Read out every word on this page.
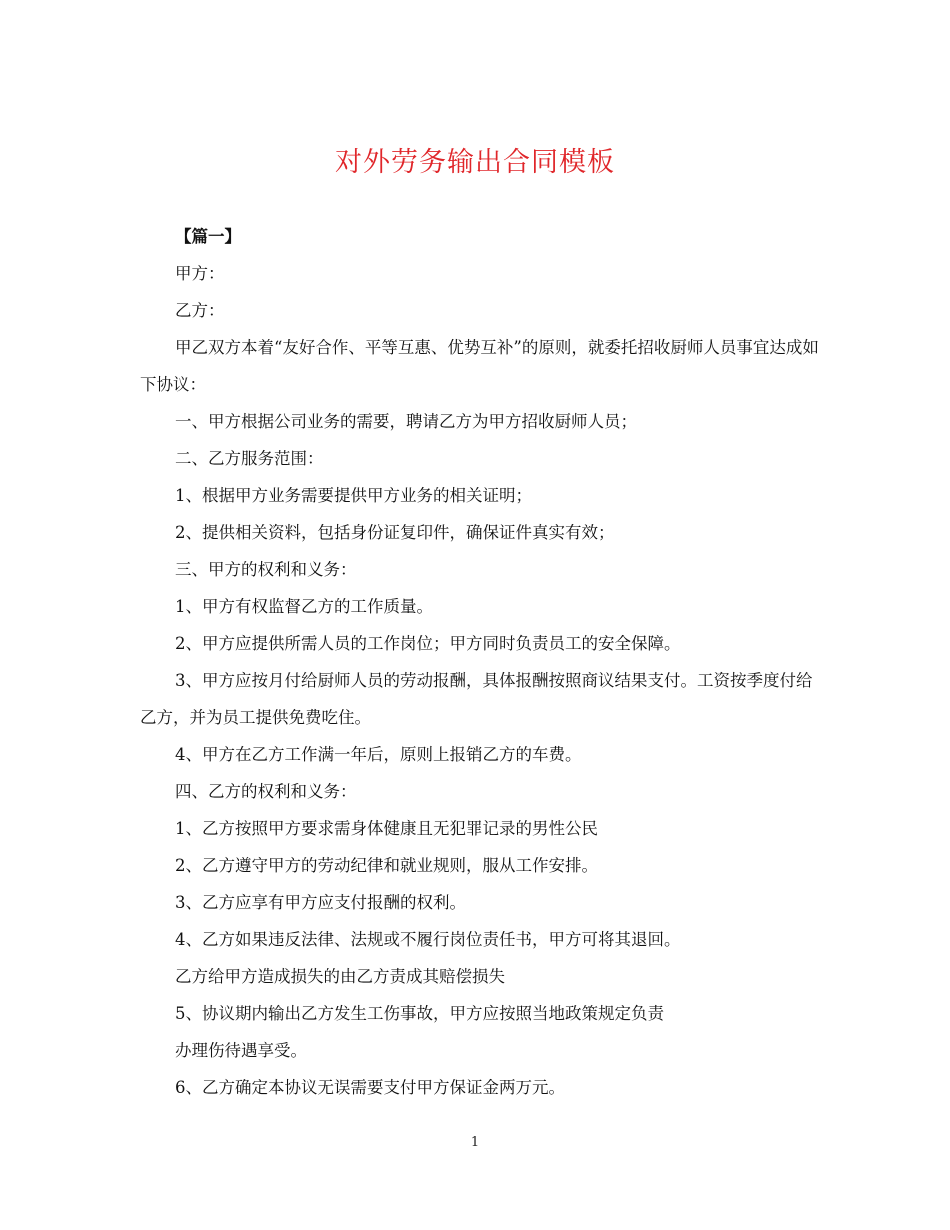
对外劳务输出合同模板

【篇一】

甲方：

乙方：

甲乙双方本着“友好合作、平等互惠、优势互补”的原则，就委托招收厨师人员事宜达成如下协议：

一、甲方根据公司业务的需要，聘请乙方为甲方招收厨师人员；

二、乙方服务范围：

1、根据甲方业务需要提供甲方业务的相关证明；

2、提供相关资料，包括身份证复印件，确保证件真实有效；

三、甲方的权利和义务：

1、甲方有权监督乙方的工作质量。

2、甲方应提供所需人员的工作岗位；甲方同时负责员工的安全保障。

3、甲方应按月付给厨师人员的劳动报酬，具体报酬按照商议结果支付。工资按季度付给乙方，并为员工提供免费吃住。

4、甲方在乙方工作满一年后，原则上报销乙方的车费。

四、乙方的权利和义务：

1、乙方按照甲方要求需身体健康且无犯罪记录的男性公民

2、乙方遵守甲方的劳动纪律和就业规则，服从工作安排。

3、乙方应享有甲方应支付报酬的权利。

4、乙方如果违反法律、法规或不履行岗位责任书，甲方可将其退回。

乙方给甲方造成损失的由乙方责成其赔偿损失

5、协议期内输出乙方发生工伤事故，甲方应按照当地政策规定负责

办理伤待遇享受。

6、乙方确定本协议无误需要支付甲方保证金两万元。

1
